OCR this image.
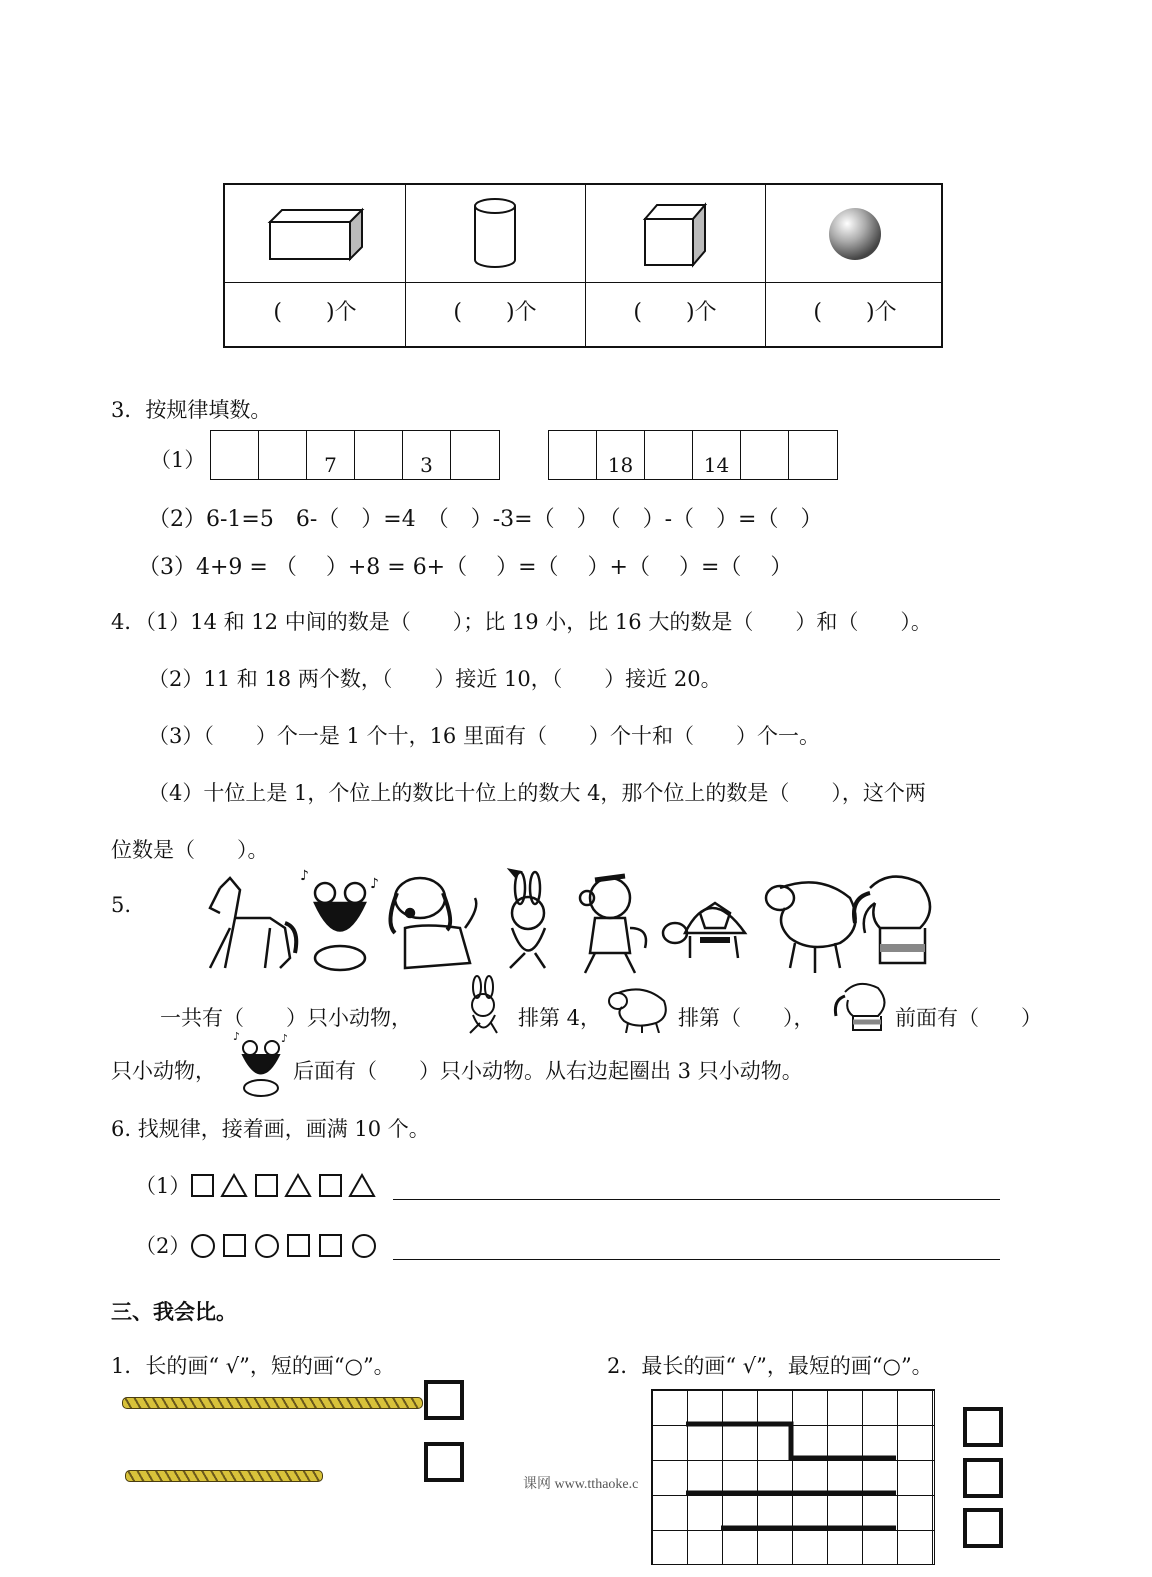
(　　)个	(　　)个	(　　)个	(　　)个
3．按规律填数。
（1）	7	3	18	14
（2）6-1=5　6-（　）=4　（　）-3=（　）　（　）-（　）=（　）
（3）4+9 = （　 ）+8 = 6+（　 ）=（　 ）+（　 ）=（　 ）
4．（1）14 和 12 中间的数是（　　）；比 19 小，比 16 大的数是（　　）和（　　）。
（2）11 和 18 两个数，（　　）接近 10，（　　）接近 20。
（3）（　　）个一是 1 个十，16 里面有（　　）个十和（　　）个一。
（4）十位上是 1，个位上的数比十位上的数大 4，那个位上的数是（　　），这个两
位数是（　　）。
5.
♪	♪
一共有（　　）只小动物，	排第 4，	排第（　　），	前面有（　　）
只小动物，
♪	♪
后面有（　　）只小动物。从右边起圈出 3 只小动物。
6. 找规律，接着画，画满 10 个。
（1）
（2）
三、我会比。
1．长的画“ √”，短的画“○”。	2．最长的画“ √”，最短的画“○”。
课网 www.tthaoke.c
